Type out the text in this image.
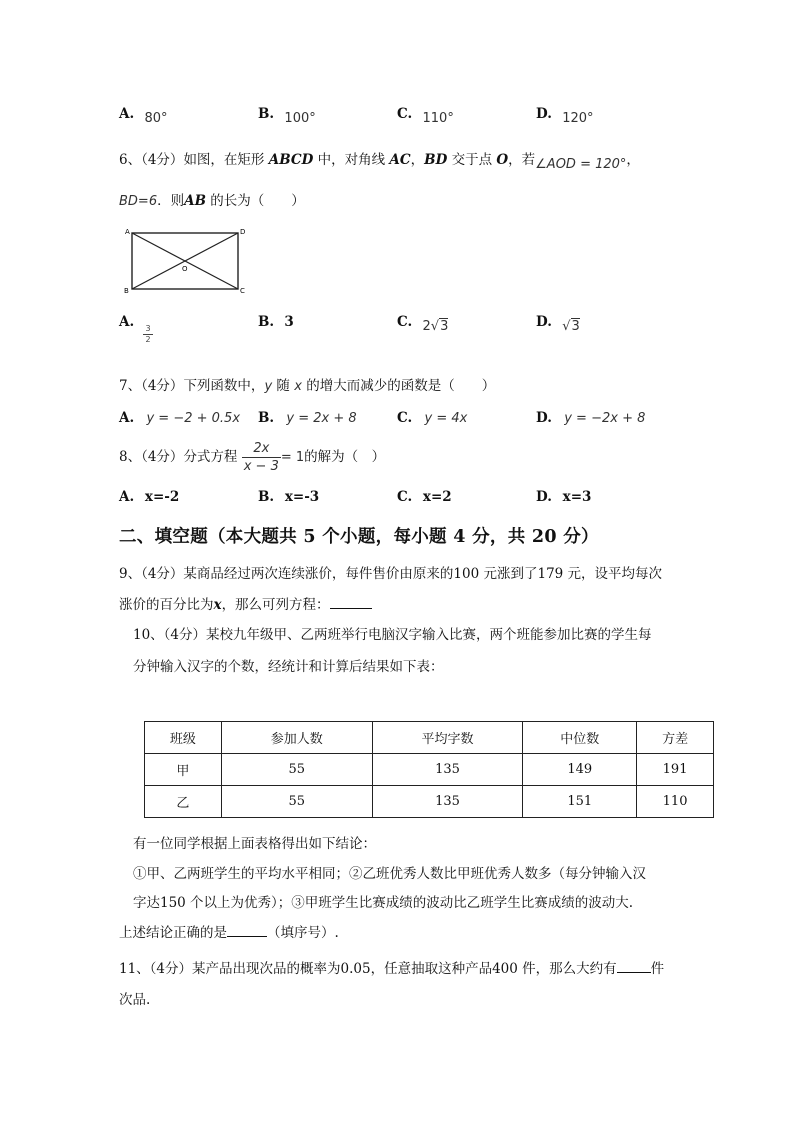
A. 80°	B. 100°	C. 110°	D. 120°
6、（4分）如图，在矩形 ABCD 中，对角线 AC，BD 交于点 O，若∠AOD = 120°，
BD=6．则AB 的长为（　　）
A	D
B	C
O
A.	3
2
B. 3	C. 2√3	D. √3
7、（4分）下列函数中，y 随 x 的增大而减少的函数是（　　）
A. y = −2 + 0.5x B. y = 2x + 8	C. y = 4x	D. y = −2x + 8
8、（4分）分式方程 $\frac{2x}{x - 3} = 1$的解为（　）
A. x=-2	B. x=-3	C. x=2	D. x=3
二、填空题（本大题共 5 个小题，每小题 4 分，共 20 分）
9、（4分）某商品经过两次连续涨价，每件售价由原来的100 元涨到了179 元，设平均每次
涨价的百分比为x，那么可列方程：
10、（4分）某校九年级甲、乙两班举行电脑汉字输入比赛，两个班能参加比赛的学生每
分钟输入汉字的个数，经统计和计算后结果如下表：
班级	参加人数	平均字数	中位数	方差
甲	55	135	149	191
乙	55	135	151	110
有一位同学根据上面表格得出如下结论：
①甲、乙两班学生的平均水平相同；②乙班优秀人数比甲班优秀人数多（每分钟输入汉
字达150 个以上为优秀）；③甲班学生比赛成绩的波动比乙班学生比赛成绩的波动大.
上述结论正确的是	（填序号）.
11、（4分）某产品出现次品的概率为0.05，任意抽取这种产品400 件，那么大约有	件
次品.
